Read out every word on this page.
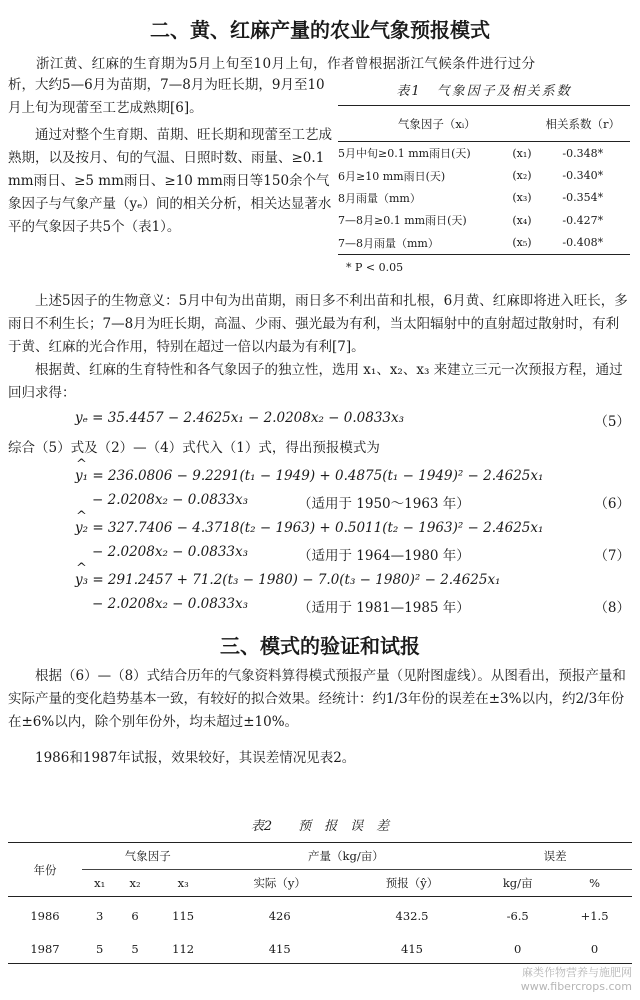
二、黄、红麻产量的农业气象预报模式
浙江黄、红麻的生育期为5月上旬至10月上旬，作者曾根据浙江气候条件进行过分

析，大约5—6月为苗期，7—8月为旺长期，9月至10月上旬为现蕾至工艺成熟期[6]。

通过对整个生育期、苗期、旺长期和现蕾至工艺成熟期，以及按月、旬的气温、日照时数、雨量、≥0.1 mm雨日、≥5 mm雨日、≥10 mm雨日等150余个气象因子与气象产量（yₑ）间的相关分析，相关达显著水平的气象因子共5个（表1）。

表1　气象因子及相关系数
气象因子（xᵢ）		相关系数（r）
5月中旬≥0.1 mm雨日(天)	(x₁)	-0.348*
6月≥10 mm雨日(天)	(x₂)	-0.340*
8月雨量（mm）	(x₃)	-0.354*
7—8月≥0.1 mm雨日(天)	(x₄)	-0.427*
7—8月雨量（mm）	(x₅)	-0.408*
* P < 0.05

上述5因子的生物意义：5月中旬为出苗期，雨日多不利出苗和扎根，6月黄、红麻即将进入旺长，多雨日不利生长；7—8月为旺长期，高温、少雨、强光最为有利，当太阳辐射中的直射超过散射时，有利于黄、红麻的光合作用，特别在超过一倍以内最为有利[7]。

根据黄、红麻的生育特性和各气象因子的独立性，选用 x₁、x₂、x₃ 来建立三元一次预报方程，通过回归求得：

yₑ = 35.4457 − 2.4625x₁ − 2.0208x₂ − 0.0833x₃	（5）
综合（5）式及（2）—（4）式代入（1）式，得出预报模式为
^ y₁ = 236.0806 − 9.2291(t₁ − 1949) + 0.4875(t₁ − 1949)² − 2.4625x₁
− 2.0208x₂ − 0.0833x₃	（适用于 1950～1963 年）	（6）
^ y₂ = 327.7406 − 4.3718(t₂ − 1963) + 0.5011(t₂ − 1963)² − 2.4625x₁
− 2.0208x₂ − 0.0833x₃	（适用于 1964—1980 年）	（7）
^ y₃ = 291.2457 + 71.2(t₃ − 1980) − 7.0(t₃ − 1980)² − 2.4625x₁
− 2.0208x₂ − 0.0833x₃	（适用于 1981—1985 年）	（8）
三、模式的验证和试报

根据（6）—（8）式结合历年的气象资料算得模式预报产量（见附图虚线）。从图看出，预报产量和实际产量的变化趋势基本一致，有较好的拟合效果。经统计：约1/3年份的误差在±3%以内，约2/3年份在±6%以内，除个别年份外，均未超过±10%。

1986和1987年试报，效果较好，其误差情况见表2。

表2　　预　报　误　差
年份	气象因子			产量（kg/亩）		误差	
	x₁	x₂	x₃	实际（y）	预报（ŷ）	kg/亩	%
1986	3	6	115	426	432.5	-6.5	+1.5
1987	5	5	112	415	415	0	0
麻类作物营养与施肥网
www.fibercrops.com
